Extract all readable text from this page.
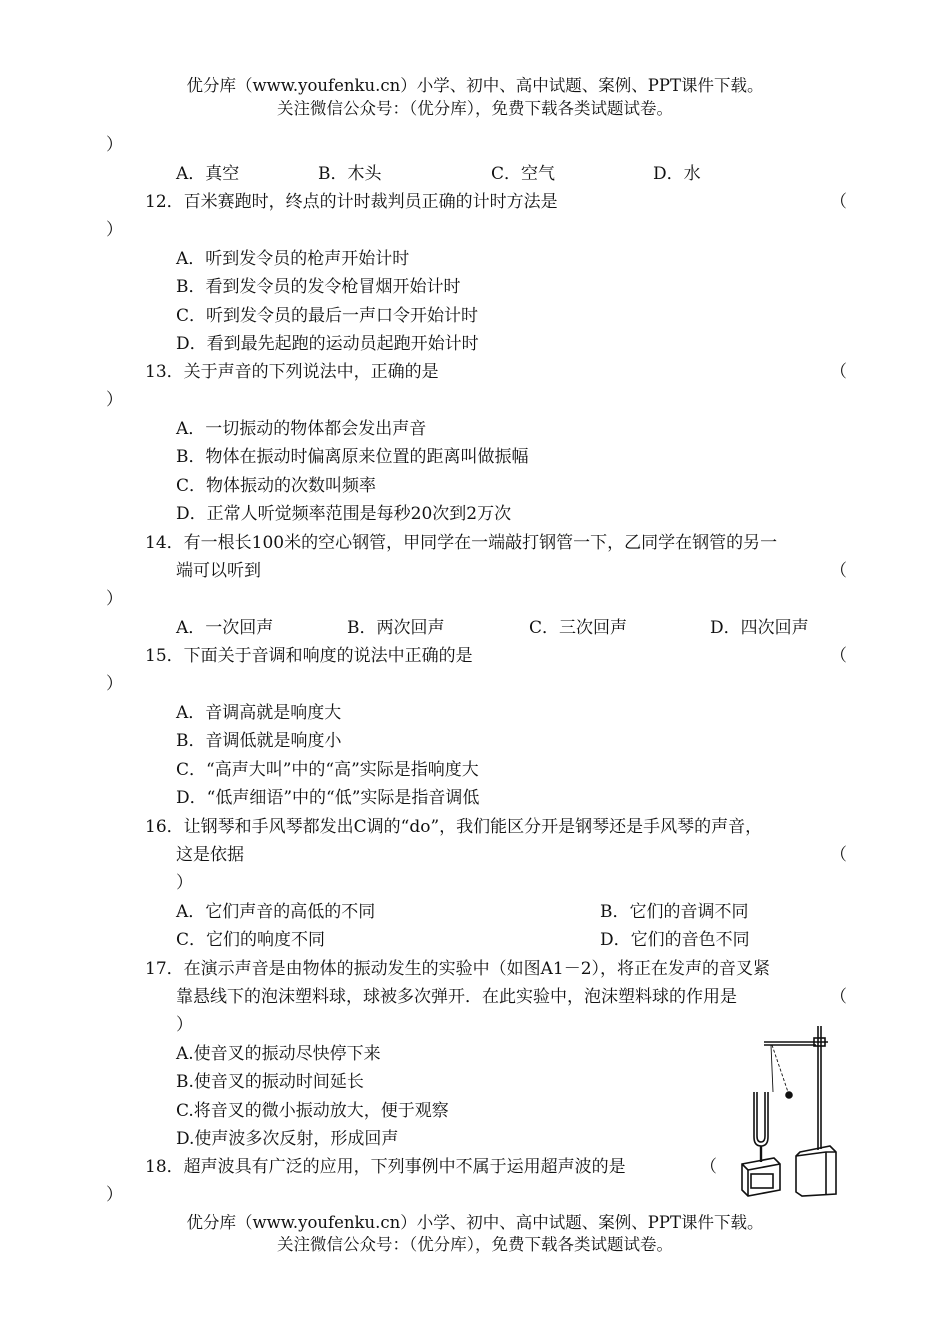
优分库（www.youfenku.cn）小学、初中、高中试题、案例、PPT课件下载。
关注微信公众号：（优分库），免费下载各类试题试卷。
）
A．真空	B．木头	C．空气	D．水
12．百米赛跑时，终点的计时裁判员正确的计时方法是	（
）
A．听到发令员的枪声开始计时
B．看到发令员的发令枪冒烟开始计时
C．听到发令员的最后一声口令开始计时
D．看到最先起跑的运动员起跑开始计时
13．关于声音的下列说法中，正确的是	（
）
A．一切振动的物体都会发出声音
B．物体在振动时偏离原来位置的距离叫做振幅
C．物体振动的次数叫频率
D．正常人听觉频率范围是每秒20次到2万次
14．有一根长100米的空心钢管，甲同学在一端敲打钢管一下，乙同学在钢管的另一
端可以听到	（
）
A．一次回声	B．两次回声	C．三次回声	D．四次回声
15．下面关于音调和响度的说法中正确的是	（
）
A．音调高就是响度大
B．音调低就是响度小
C．“高声大叫”中的“高”实际是指响度大
D．“低声细语”中的“低”实际是指音调低
16．让钢琴和手风琴都发出C调的“do”，我们能区分开是钢琴还是手风琴的声音，
这是依据	（
）
A．它们声音的高低的不同	B．它们的音调不同
C．它们的响度不同	D．它们的音色不同
17．在演示声音是由物体的振动发生的实验中（如图A1－2），将正在发声的音叉紧
靠悬线下的泡沫塑料球，球被多次弹开．在此实验中，泡沫塑料球的作用是	（
）
A.使音叉的振动尽快停下来
B.使音叉的振动时间延长
C.将音叉的微小振动放大，便于观察
D.使声波多次反射，形成回声
18．超声波具有广泛的应用，下列事例中不属于运用超声波的是	（
）
优分库（www.youfenku.cn）小学、初中、高中试题、案例、PPT课件下载。
关注微信公众号：（优分库），免费下载各类试题试卷。
